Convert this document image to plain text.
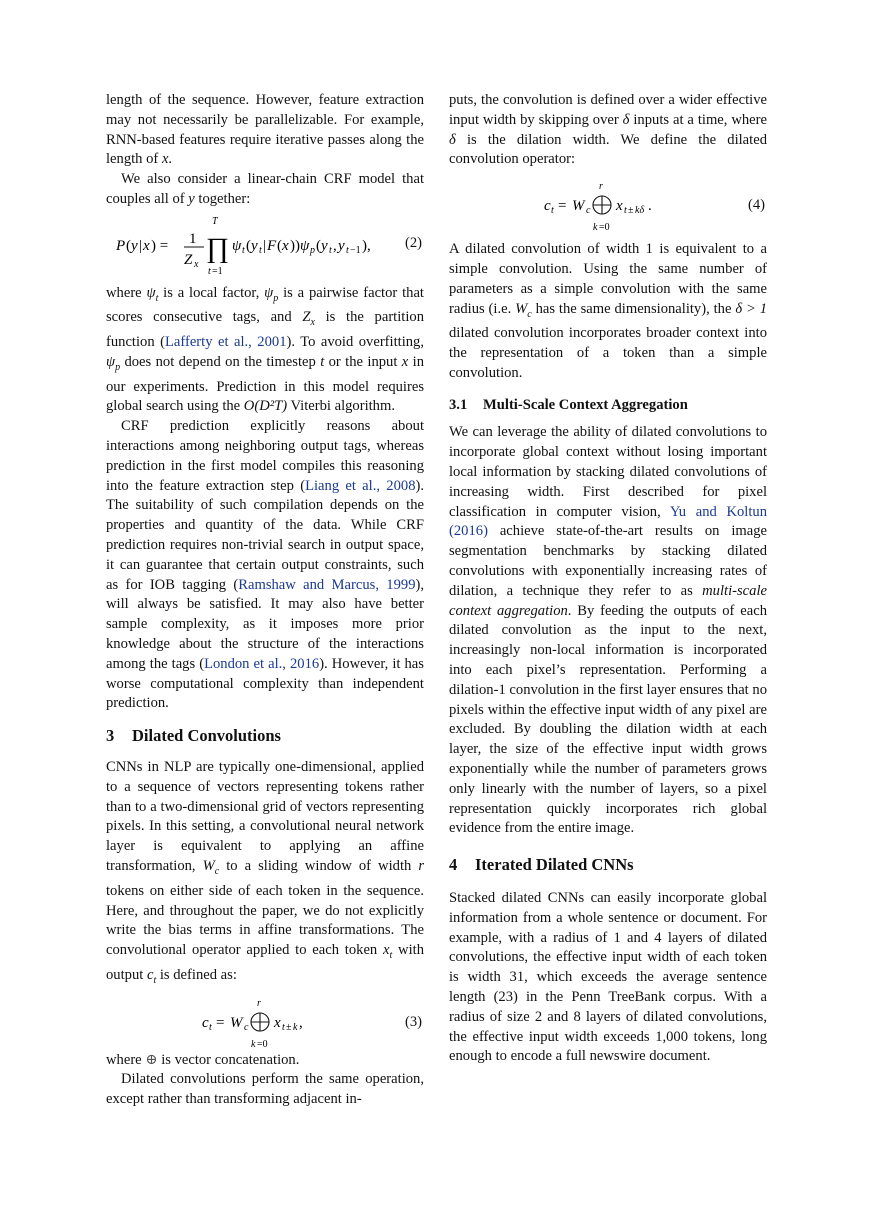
length of the sequence. However, feature extraction may not necessarily be parallelizable. For example, RNN-based features require iterative passes along the length of x.

We also consider a linear-chain CRF model that couples all of y together:

P ( y | x ) = 1
Z x
T
∏
t =1
ψ t ( y t | F ( x )) ψ p ( y t , y t −1 ), (2)

where $\psi_t$ is a local factor, $\psi_p$ is a pairwise factor that scores consecutive tags, and $Z_x$ is the partition function (Lafferty et al., 2001). To avoid overfitting, $\psi_p$ does not depend on the timestep t or the input x in our experiments. Prediction in this model requires global search using the O(D²T) Viterbi algorithm.

CRF prediction explicitly reasons about interactions among neighboring output tags, whereas prediction in the first model compiles this reasoning into the feature extraction step (Liang et al., 2008). The suitability of such compilation depends on the properties and quantity of the data. While CRF prediction requires non-trivial search in output space, it can guarantee that certain output constraints, such as for IOB tagging (Ramshaw and Marcus, 1999), will always be satisfied. It may also have better sample complexity, as it imposes more prior knowledge about the structure of the interactions among the tags (London et al., 2016). However, it has worse computational complexity than independent prediction.

3 Dilated Convolutions

CNNs in NLP are typically one-dimensional, applied to a sequence of vectors representing tokens rather than to a two-dimensional grid of vectors representing pixels. In this setting, a convolutional neural network layer is equivalent to applying an affine transformation, $W_c$ to a sliding window of width r tokens on either side of each token in the sequence. Here, and throughout the paper, we do not explicitly write the bias terms in affine transformations. The convolutional operator applied to each token $x_t$ with output $c_t$ is defined as:

c t = W c
r
k =0
x t ± k ,	(3)

where ⊕ is vector concatenation.

Dilated convolutions perform the same operation, except rather than transforming adjacent in-

puts, the convolution is defined over a wider effective input width by skipping over δ inputs at a time, where δ is the dilation width. We define the dilated convolution operator:

c t = W c
r
k =0
x t ± kδ .	(4)

A dilated convolution of width 1 is equivalent to a simple convolution. Using the same number of parameters as a simple convolution with the same radius (i.e. $W_c$ has the same dimensionality), the δ > 1 dilated convolution incorporates broader context into the representation of a token than a simple convolution.

3.1 Multi-Scale Context Aggregation

We can leverage the ability of dilated convolutions to incorporate global context without losing important local information by stacking dilated convolutions of increasing width. First described for pixel classification in computer vision, Yu and Koltun (2016) achieve state-of-the-art results on image segmentation benchmarks by stacking dilated convolutions with exponentially increasing rates of dilation, a technique they refer to as multi-scale context aggregation. By feeding the outputs of each dilated convolution as the input to the next, increasingly non-local information is incorporated into each pixel’s representation. Performing a dilation-1 convolution in the first layer ensures that no pixels within the effective input width of any pixel are excluded. By doubling the dilation width at each layer, the size of the effective input width grows exponentially while the number of parameters grows only linearly with the number of layers, so a pixel representation quickly incorporates rich global evidence from the entire image.

4 Iterated Dilated CNNs

Stacked dilated CNNs can easily incorporate global information from a whole sentence or document. For example, with a radius of 1 and 4 layers of dilated convolutions, the effective input width of each token is width 31, which exceeds the average sentence length (23) in the Penn TreeBank corpus. With a radius of size 2 and 8 layers of dilated convolutions, the effective input width exceeds 1,000 tokens, long enough to encode a full newswire document.
